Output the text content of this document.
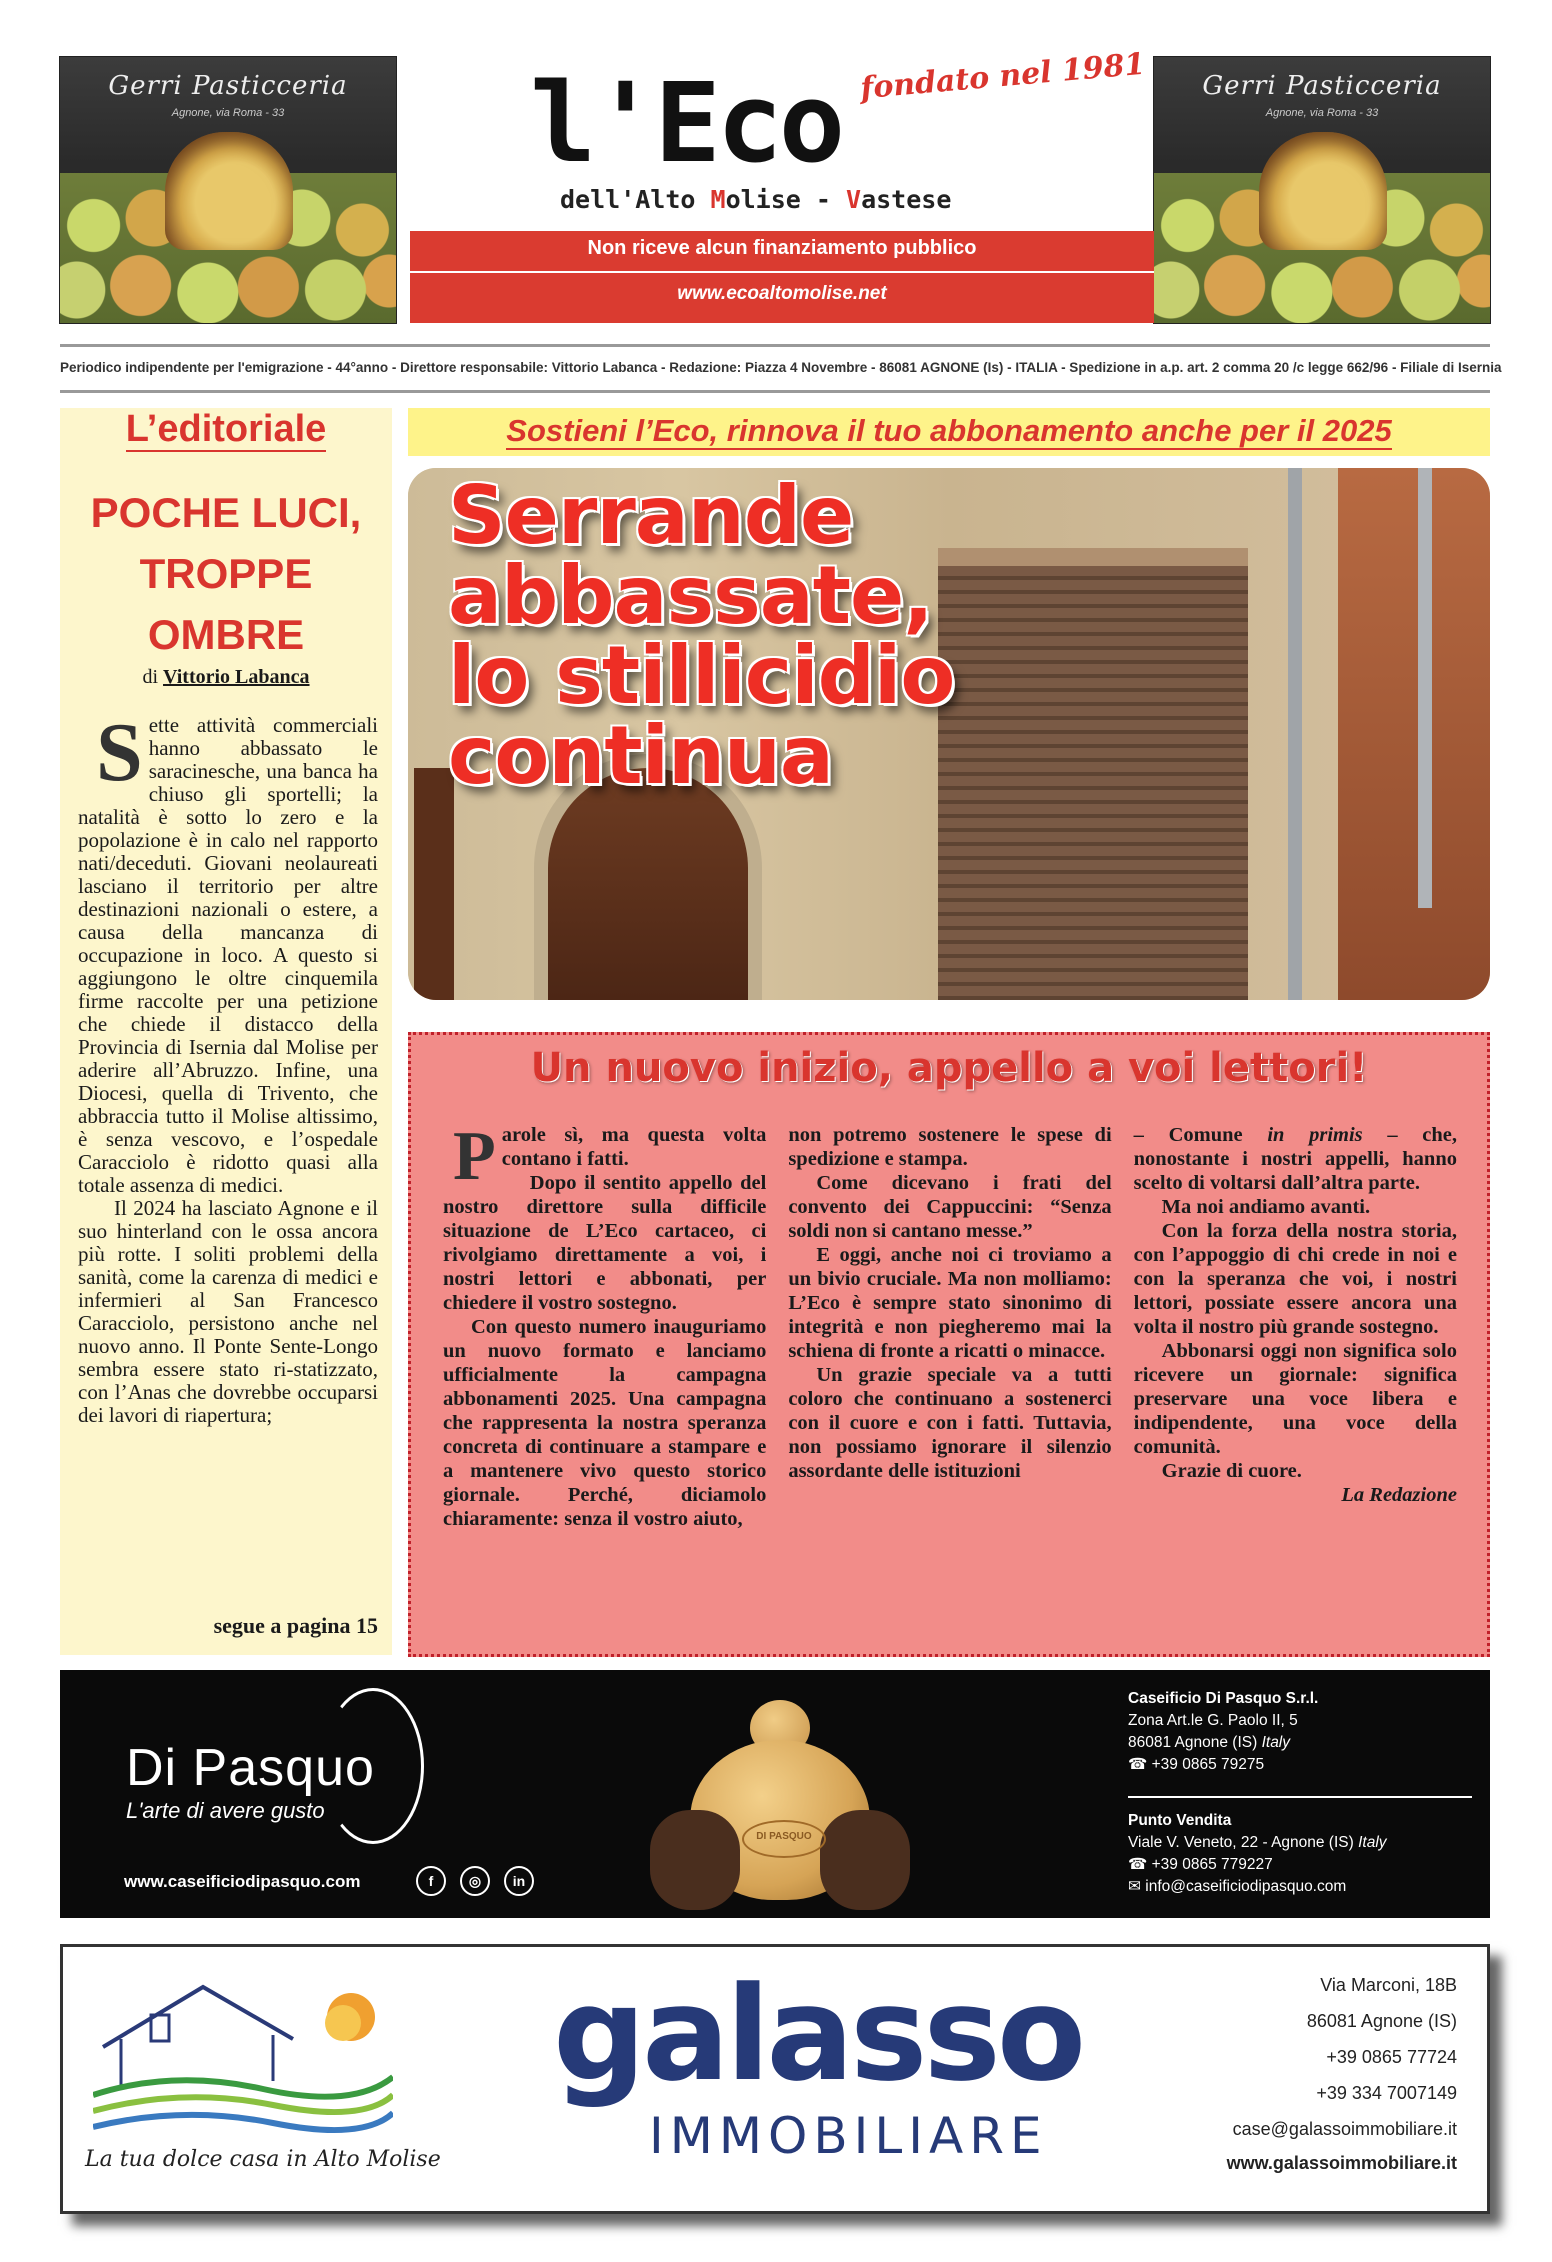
Gerri Pasticceria
Agnone, via Roma - 33
Gerri Pasticceria
Agnone, via Roma - 33
l'Eco fondato nel 1981
dell'Alto Molise - Vastese
Non riceve alcun finanziamento pubblico
www.ecoaltomolise.net
Periodico indipendente per l'emigrazione - 44°anno - Direttore responsabile: Vittorio Labanca - Redazione: Piazza 4 Novembre - 86081 AGNONE (Is) - ITALIA - Spedizione in a.p. art. 2 comma 20 /c legge 662/96 - Filiale di Isernia
L’editoriale
POCHE LUCI,
TROPPE
OMBRE
di Vittorio Labanca

Sette attività commerciali hanno abbassato le saracinesche, una banca ha chiuso gli sportelli; la natalità è sotto lo zero e la popolazione è in calo nel rapporto nati/deceduti. Giovani neolaureati lasciano il territorio per altre destinazioni nazionali o estere, a causa della mancanza di occupazione in loco. A questo si aggiungono le oltre cinquemila firme raccolte per una petizione che chiede il distacco della Provincia di Isernia dal Molise per aderire all’Abruzzo. Infine, una Diocesi, quella di Trivento, che abbraccia tutto il Molise altissimo, è senza vescovo, e l’ospedale Caracciolo è ridotto quasi alla totale assenza di medici.

Il 2024 ha lasciato Agnone e il suo hinterland con le ossa ancora più rotte. I soliti problemi della sanità, come la carenza di medici e infermieri al San Francesco Caracciolo, persistono anche nel nuovo anno. Il Ponte Sente-Longo sembra essere stato ri-statizzato, con l’Anas che dovrebbe occuparsi dei lavori di riapertura;

segue a pagina 15
Sostieni l’Eco, rinnova il tuo abbonamento anche per il 2025
Serrande
abbassate,
lo stillicidio
continua
Un nuovo inizio, appello a voi lettori!

Parole sì, ma questa volta contano i fatti.

Dopo il sentito appello del nostro direttore sulla difficile situazione de L’Eco cartaceo, ci rivolgiamo direttamente a voi, i nostri lettori e abbonati, per chiedere il vostro sostegno.

Con questo numero inauguriamo un nuovo formato e lanciamo ufficialmente la campagna abbonamenti 2025. Una campagna che rappresenta la nostra speranza concreta di continuare a stampare e a mantenere vivo questo storico giornale. Perché, diciamolo chiaramente: senza il vostro aiuto,

non potremo sostenere le spese di spedizione e stampa.

Come dicevano i frati del convento dei Cappuccini: “Senza soldi non si cantano messe.”

E oggi, anche noi ci troviamo a un bivio cruciale. Ma non molliamo: L’Eco è sempre stato sinonimo di integrità e non piegheremo mai la schiena di fronte a ricatti o minacce.

Un grazie speciale va a tutti coloro che continuano a sostenerci con il cuore e con i fatti. Tuttavia, non possiamo ignorare il silenzio assordante delle istituzioni

– Comune in primis – che, nonostante i nostri appelli, hanno scelto di voltarsi dall’altra parte.

Ma noi andiamo avanti.

Con la forza della nostra storia, con l’appoggio di chi crede in noi e con la speranza che voi, i nostri lettori, possiate essere ancora una volta il nostro più grande sostegno.

Abbonarsi oggi non significa solo ricevere un giornale: significa preservare una voce libera e indipendente, una voce della comunità.

Grazie di cuore.

La Redazione

Di Pasquo
L'arte di avere gusto
www.caseificiodipasquo.com	f	◎	in
DI PASQUO
Caseificio Di Pasquo S.r.l.
Zona Art.le G. Paolo II, 5
86081 Agnone (IS) Italy
☎ +39 0865 79275
Punto Vendita
Viale V. Veneto, 22 - Agnone (IS) Italy
☎ +39 0865 779227
✉ info@caseificiodipasquo.com
La tua dolce casa in Alto Molise
galasso
IMMOBILIARE
Via Marconi, 18B
86081 Agnone (IS)
+39 0865 77724
+39 334 7007149
case@galassoimmobiliare.it
www.galassoimmobiliare.it
